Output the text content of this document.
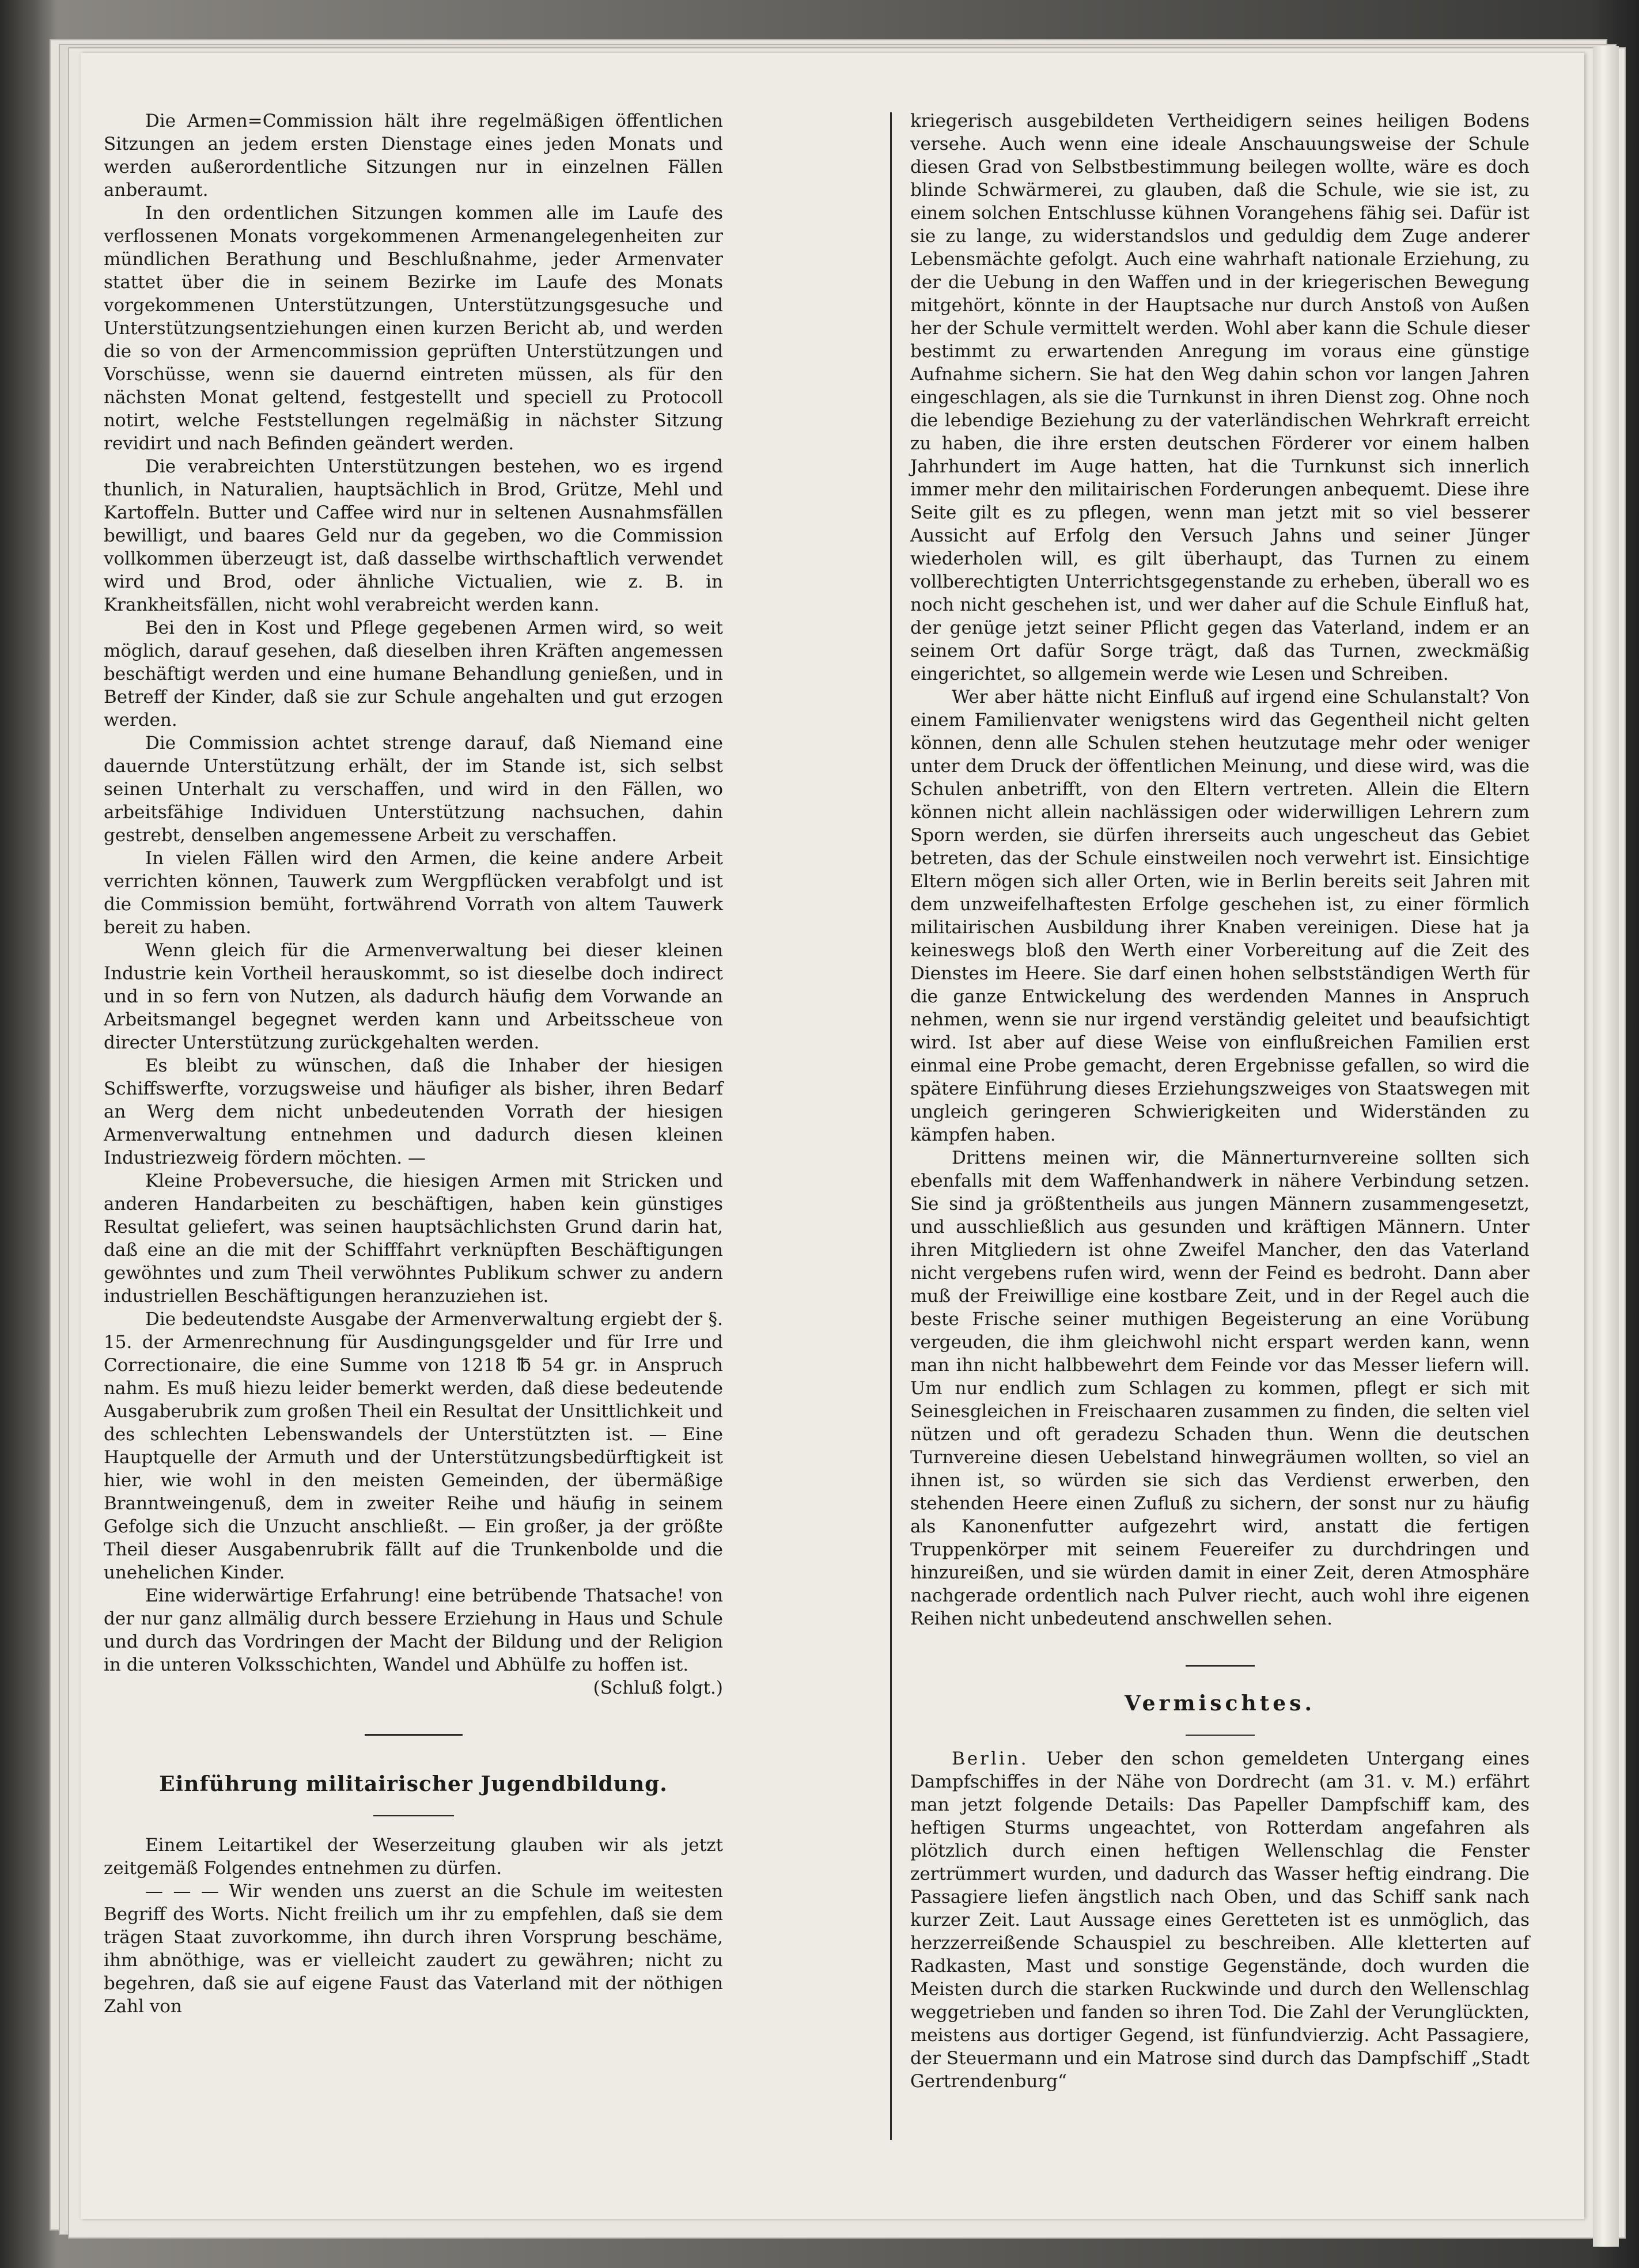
Die Armen=Commission hält ihre regelmäßigen öffentlichen Sitzungen an jedem ersten Dienstage eines jeden Monats und werden außerordentliche Sitzungen nur in einzelnen Fällen anberaumt.

In den ordentlichen Sitzungen kommen alle im Laufe des verflossenen Monats vorgekommenen Armenangelegenheiten zur mündlichen Berathung und Beschlußnahme, jeder Armenvater stattet über die in seinem Bezirke im Laufe des Monats vorgekommenen Unterstützungen, Unterstützungsgesuche und Unterstützungsentziehungen einen kurzen Bericht ab, und werden die so von der Armencommission geprüften Unterstützungen und Vorschüsse, wenn sie dauernd eintreten müssen, als für den nächsten Monat geltend, festgestellt und speciell zu Protocoll notirt, welche Feststellungen regelmäßig in nächster Sitzung revidirt und nach Befinden geändert werden.

Die verabreichten Unterstützungen bestehen, wo es irgend thunlich, in Naturalien, hauptsächlich in Brod, Grütze, Mehl und Kartoffeln. Butter und Caffee wird nur in seltenen Ausnahmsfällen bewilligt, und baares Geld nur da gegeben, wo die Commission vollkommen überzeugt ist, daß dasselbe wirthschaftlich verwendet wird und Brod, oder ähnliche Victualien, wie z. B. in Krankheitsfällen, nicht wohl verabreicht werden kann.

Bei den in Kost und Pflege gegebenen Armen wird, so weit möglich, darauf gesehen, daß dieselben ihren Kräften angemessen beschäftigt werden und eine humane Behandlung genießen, und in Betreff der Kinder, daß sie zur Schule angehalten und gut erzogen werden.

Die Commission achtet strenge darauf, daß Niemand eine dauernde Unterstützung erhält, der im Stande ist, sich selbst seinen Unterhalt zu verschaffen, und wird in den Fällen, wo arbeitsfähige Individuen Unterstützung nachsuchen, dahin gestrebt, denselben angemessene Arbeit zu verschaffen.

In vielen Fällen wird den Armen, die keine andere Arbeit verrichten können, Tauwerk zum Wergpflücken verabfolgt und ist die Commission bemüht, fortwährend Vorrath von altem Tauwerk bereit zu haben.

Wenn gleich für die Armenverwaltung bei dieser kleinen Industrie kein Vortheil herauskommt, so ist dieselbe doch indirect und in so fern von Nutzen, als dadurch häufig dem Vorwande an Arbeitsmangel begegnet werden kann und Arbeitsscheue von directer Unterstützung zurückgehalten werden.

Es bleibt zu wünschen, daß die Inhaber der hiesigen Schiffswerfte, vorzugsweise und häufiger als bisher, ihren Bedarf an Werg dem nicht unbedeutenden Vorrath der hiesigen Armenverwaltung entnehmen und dadurch diesen kleinen Industriezweig fördern möchten. —

Kleine Probeversuche, die hiesigen Armen mit Stricken und anderen Handarbeiten zu beschäftigen, haben kein günstiges Resultat geliefert, was seinen hauptsächlichsten Grund darin hat, daß eine an die mit der Schifffahrt verknüpften Beschäftigungen gewöhntes und zum Theil verwöhntes Publikum schwer zu andern industriellen Beschäftigungen heranzuziehen ist.

Die bedeutendste Ausgabe der Armenverwaltung ergiebt der §. 15. der Armenrechnung für Ausdingungsgelder und für Irre und Correctionaire, die eine Summe von 1218 ℔ 54 gr. in Anspruch nahm. Es muß hiezu leider bemerkt werden, daß diese bedeutende Ausgaberubrik zum großen Theil ein Resultat der Unsittlichkeit und des schlechten Lebenswandels der Unterstützten ist. — Eine Hauptquelle der Armuth und der Unterstützungsbedürftigkeit ist hier, wie wohl in den meisten Gemeinden, der übermäßige Branntweingenuß, dem in zweiter Reihe und häufig in seinem Gefolge sich die Unzucht anschließt. — Ein großer, ja der größte Theil dieser Ausgabenrubrik fällt auf die Trunkenbolde und die unehelichen Kinder.

Eine widerwärtige Erfahrung! eine betrübende Thatsache! von der nur ganz allmälig durch bessere Erziehung in Haus und Schule und durch das Vordringen der Macht der Bildung und der Religion in die unteren Volksschichten, Wandel und Abhülfe zu hoffen ist.

(Schluß folgt.)

Einführung militairischer Jugendbildung.

Einem Leitartikel der Weserzeitung glauben wir als jetzt zeitgemäß Folgendes entnehmen zu dürfen.

— — — Wir wenden uns zuerst an die Schule im weitesten Begriff des Worts. Nicht freilich um ihr zu empfehlen, daß sie dem trägen Staat zuvorkomme, ihn durch ihren Vorsprung beschäme, ihm abnöthige, was er vielleicht zaudert zu gewähren; nicht zu begehren, daß sie auf eigene Faust das Vaterland mit der nöthigen Zahl von

kriegerisch ausgebildeten Vertheidigern seines heiligen Bodens versehe. Auch wenn eine ideale Anschauungsweise der Schule diesen Grad von Selbstbestimmung beilegen wollte, wäre es doch blinde Schwärmerei, zu glauben, daß die Schule, wie sie ist, zu einem solchen Entschlusse kühnen Vorangehens fähig sei. Dafür ist sie zu lange, zu widerstandslos und geduldig dem Zuge anderer Lebensmächte gefolgt. Auch eine wahrhaft nationale Erziehung, zu der die Uebung in den Waffen und in der kriegerischen Bewegung mitgehört, könnte in der Hauptsache nur durch Anstoß von Außen her der Schule vermittelt werden. Wohl aber kann die Schule dieser bestimmt zu erwartenden Anregung im voraus eine günstige Aufnahme sichern. Sie hat den Weg dahin schon vor langen Jahren eingeschlagen, als sie die Turnkunst in ihren Dienst zog. Ohne noch die lebendige Beziehung zu der vaterländischen Wehrkraft erreicht zu haben, die ihre ersten deutschen Förderer vor einem halben Jahrhundert im Auge hatten, hat die Turnkunst sich innerlich immer mehr den militairischen Forderungen anbequemt. Diese ihre Seite gilt es zu pflegen, wenn man jetzt mit so viel besserer Aussicht auf Erfolg den Versuch Jahns und seiner Jünger wiederholen will, es gilt überhaupt, das Turnen zu einem vollberechtigten Unterrichtsgegenstande zu erheben, überall wo es noch nicht geschehen ist, und wer daher auf die Schule Einfluß hat, der genüge jetzt seiner Pflicht gegen das Vaterland, indem er an seinem Ort dafür Sorge trägt, daß das Turnen, zweckmäßig eingerichtet, so allgemein werde wie Lesen und Schreiben.

Wer aber hätte nicht Einfluß auf irgend eine Schulanstalt? Von einem Familienvater wenigstens wird das Gegentheil nicht gelten können, denn alle Schulen stehen heutzutage mehr oder weniger unter dem Druck der öffentlichen Meinung, und diese wird, was die Schulen anbetrifft, von den Eltern vertreten. Allein die Eltern können nicht allein nachlässigen oder widerwilligen Lehrern zum Sporn werden, sie dürfen ihrerseits auch ungescheut das Gebiet betreten, das der Schule einstweilen noch verwehrt ist. Einsichtige Eltern mögen sich aller Orten, wie in Berlin bereits seit Jahren mit dem unzweifelhaftesten Erfolge geschehen ist, zu einer förmlich militairischen Ausbildung ihrer Knaben vereinigen. Diese hat ja keineswegs bloß den Werth einer Vorbereitung auf die Zeit des Dienstes im Heere. Sie darf einen hohen selbstständigen Werth für die ganze Entwickelung des werdenden Mannes in Anspruch nehmen, wenn sie nur irgend verständig geleitet und beaufsichtigt wird. Ist aber auf diese Weise von einflußreichen Familien erst einmal eine Probe gemacht, deren Ergebnisse gefallen, so wird die spätere Einführung dieses Erziehungszweiges von Staatswegen mit ungleich geringeren Schwierigkeiten und Widerständen zu kämpfen haben.

Drittens meinen wir, die Männerturnvereine sollten sich ebenfalls mit dem Waffenhandwerk in nähere Verbindung setzen. Sie sind ja größtentheils aus jungen Männern zusammengesetzt, und ausschließlich aus gesunden und kräftigen Männern. Unter ihren Mitgliedern ist ohne Zweifel Mancher, den das Vaterland nicht vergebens rufen wird, wenn der Feind es bedroht. Dann aber muß der Freiwillige eine kostbare Zeit, und in der Regel auch die beste Frische seiner muthigen Begeisterung an eine Vorübung vergeuden, die ihm gleichwohl nicht erspart werden kann, wenn man ihn nicht halbbewehrt dem Feinde vor das Messer liefern will. Um nur endlich zum Schlagen zu kommen, pflegt er sich mit Seinesgleichen in Freischaaren zusammen zu finden, die selten viel nützen und oft geradezu Schaden thun. Wenn die deutschen Turnvereine diesen Uebelstand hinwegräumen wollten, so viel an ihnen ist, so würden sie sich das Verdienst erwerben, den stehenden Heere einen Zufluß zu sichern, der sonst nur zu häufig als Kanonenfutter aufgezehrt wird, anstatt die fertigen Truppenkörper mit seinem Feuereifer zu durchdringen und hinzureißen, und sie würden damit in einer Zeit, deren Atmosphäre nachgerade ordentlich nach Pulver riecht, auch wohl ihre eigenen Reihen nicht unbedeutend anschwellen sehen.

Vermischtes.

Berlin. Ueber den schon gemeldeten Untergang eines Dampfschiffes in der Nähe von Dordrecht (am 31. v. M.) erfährt man jetzt folgende Details: Das Papeller Dampfschiff kam, des heftigen Sturms ungeachtet, von Rotterdam angefahren als plötzlich durch einen heftigen Wellenschlag die Fenster zertrümmert wurden, und dadurch das Wasser heftig eindrang. Die Passagiere liefen ängstlich nach Oben, und das Schiff sank nach kurzer Zeit. Laut Aussage eines Geretteten ist es unmöglich, das herzzerreißende Schauspiel zu beschreiben. Alle kletterten auf Radkasten, Mast und sonstige Gegenstände, doch wurden die Meisten durch die starken Ruckwinde und durch den Wellenschlag weggetrieben und fanden so ihren Tod. Die Zahl der Verunglückten, meistens aus dortiger Gegend, ist fünfundvierzig. Acht Passagiere, der Steuermann und ein Matrose sind durch das Dampfschiff „Stadt Gertrendenburg“
